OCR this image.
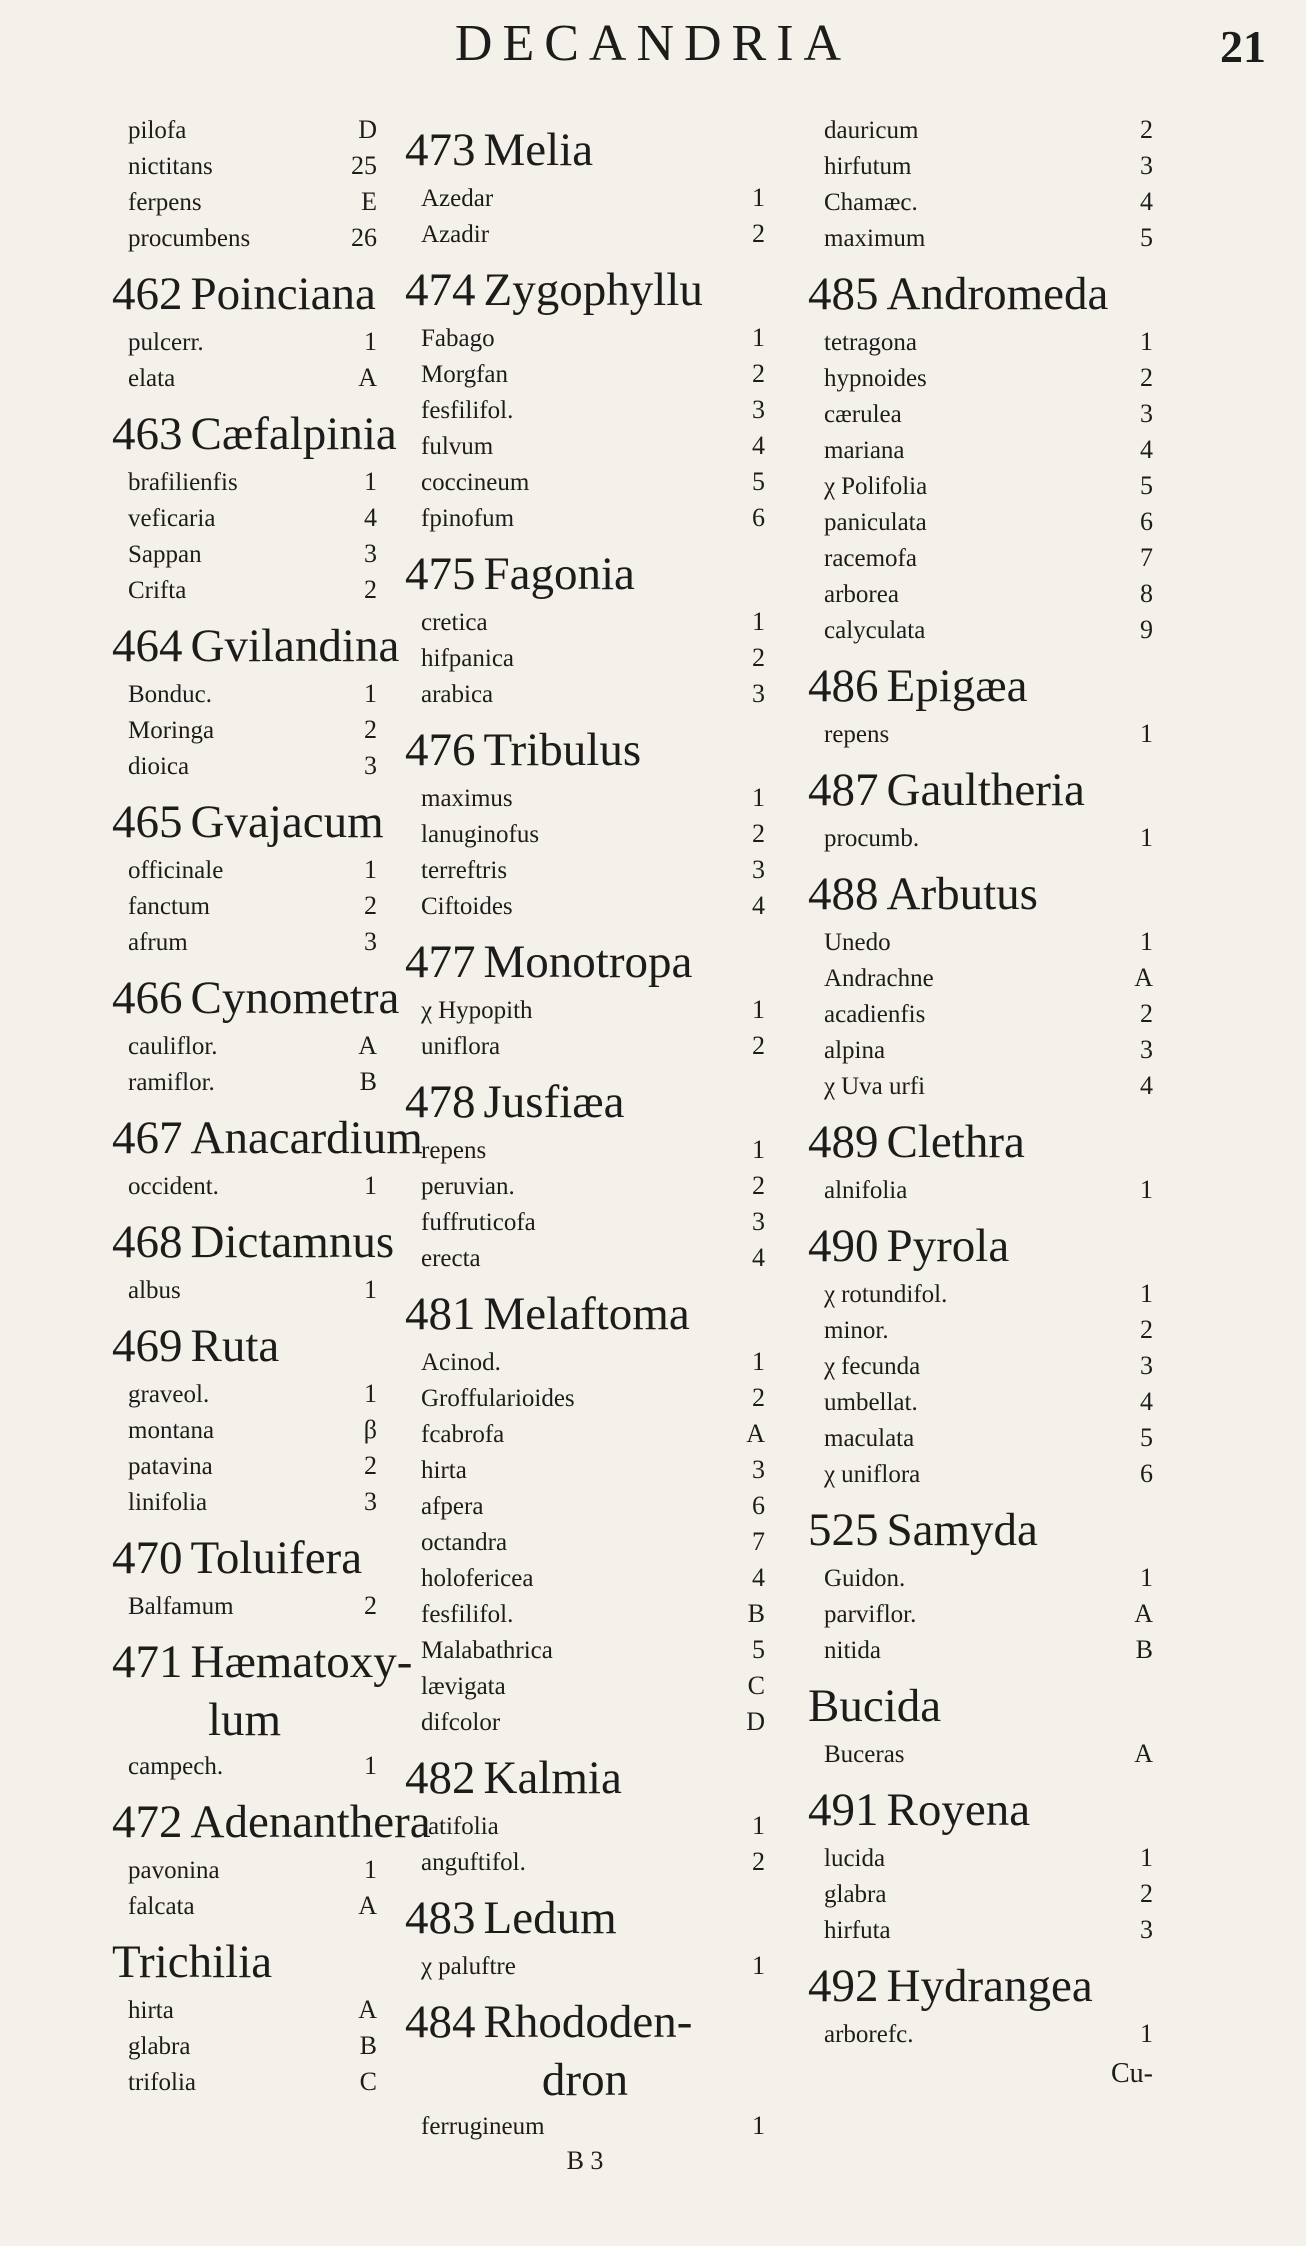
DECANDRIA	21
pilofa	D
nictitans	25
ferpens	E
procumbens	26
462 Poinciana
pulcerr.	1
elata	A
463 Cæfalpinia
brafilienfis	1
veficaria	4
Sappan	3
Crifta	2
464 Gvilandina
Bonduc.	1
Moringa	2
dioica	3
465 Gvajacum
officinale	1
fanctum	2
afrum	3
466 Cynometra
cauliflor.	A
ramiflor.	B
467 Anacardium
occident.	1
468 Dictamnus
albus	1
469 Ruta
graveol.	1
montana	β
patavina	2
linifolia	3
470 Toluifera
Balfamum	2
471 Hæmatoxy-
lum
campech.	1
472 Adenanthera
pavonina	1
falcata	A
Trichilia
hirta	A
glabra	B
trifolia	C
473 Melia
Azedar	1
Azadir	2
474 Zygophyllu
Fabago	1
Morgfan	2
fesfilifol.	3
fulvum	4
coccineum	5
fpinofum	6
475 Fagonia
cretica	1
hifpanica	2
arabica	3
476 Tribulus
maximus	1
lanuginofus	2
terreftris	3
Ciftoides	4
477 Monotropa
χ Hypopith	1
uniflora	2
478 Jusfiæa
repens	1
peruvian.	2
fuffruticofa	3
erecta	4
481 Melaftoma
Acinod.	1
Groffularioides	2
fcabrofa	A
hirta	3
afpera	6
octandra	7
holofericea	4
fesfilifol.	B
Malabathrica	5
lævigata	C
difcolor	D
482 Kalmia
latifolia	1
anguftifol.	2
483 Ledum
χ paluftre	1
484 Rhododen-
dron
ferrugineum	1
B 3
dauricum	2
hirfutum	3
Chamæc.	4
maximum	5
485 Andromeda
tetragona	1
hypnoides	2
cærulea	3
mariana	4
χ Polifolia	5
paniculata	6
racemofa	7
arborea	8
calyculata	9
486 Epigæa
repens	1
487 Gaultheria
procumb.	1
488 Arbutus
Unedo	1
Andrachne	A
acadienfis	2
alpina	3
χ Uva urfi	4
489 Clethra
alnifolia	1
490 Pyrola
χ rotundifol.	1
minor.	2
χ fecunda	3
umbellat.	4
maculata	5
χ uniflora	6
525 Samyda
Guidon.	1
parviflor.	A
nitida	B
Bucida
Buceras	A
491 Royena
lucida	1
glabra	2
hirfuta	3
492 Hydrangea
arborefc.	1
Cu-
